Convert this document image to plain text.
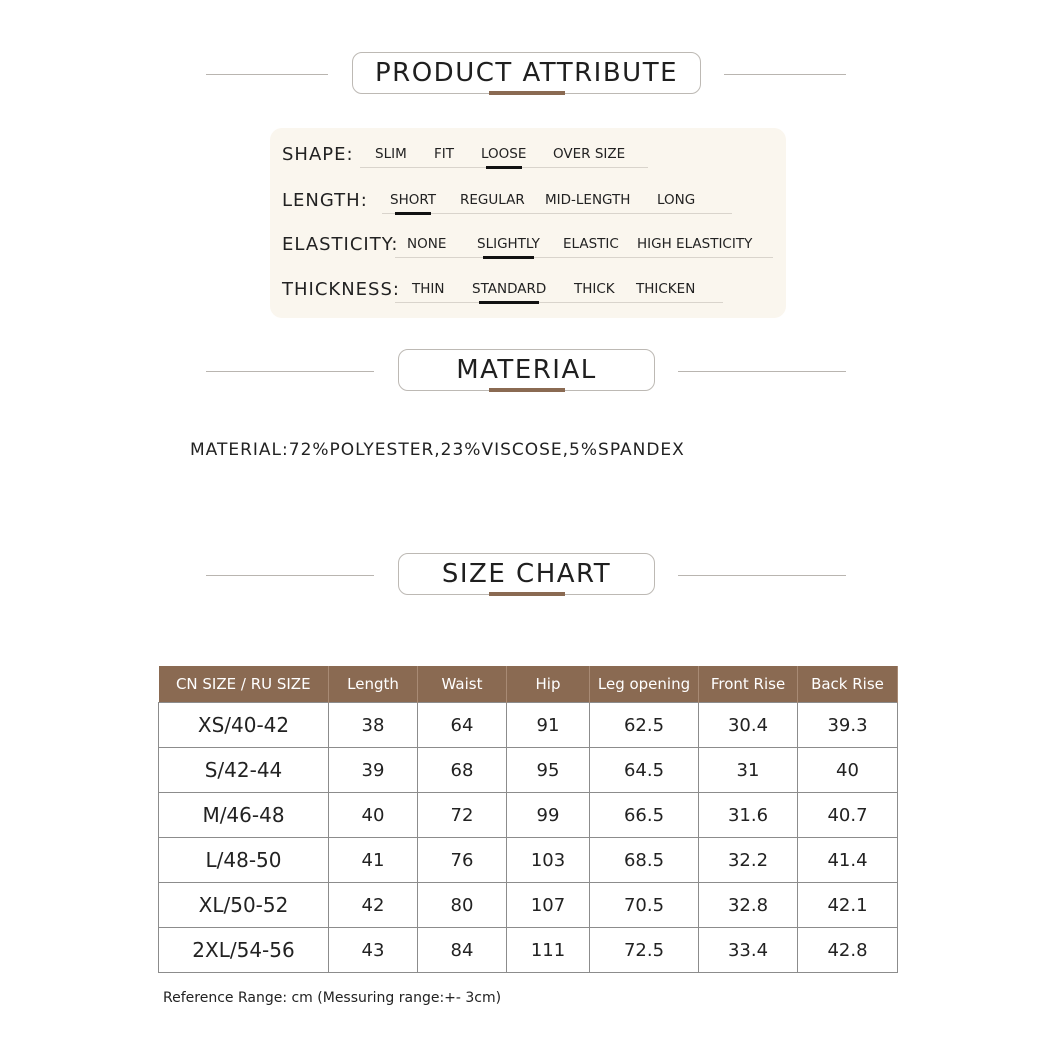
PRODUCT ATTRIBUTE
SHAPE: SLIM FIT LOOSE OVER SIZE
LENGTH: SHORT REGULAR MID-LENGTH LONG
ELASTICITY: NONE SLIGHTLY ELASTIC HIGH ELASTICITY
THICKNESS: THIN STANDARD THICK THICKEN
MATERIAL
MATERIAL:72%POLYESTER,23%VISCOSE,5%SPANDEX
SIZE CHART
CN SIZE / RU SIZE	Length	Waist	Hip	Leg opening	Front Rise	Back Rise
XS/40-42	38	64	91	62.5	30.4	39.3
S/42-44	39	68	95	64.5	31	40
M/46-48	40	72	99	66.5	31.6	40.7
L/48-50	41	76	103	68.5	32.2	41.4
XL/50-52	42	80	107	70.5	32.8	42.1
2XL/54-56	43	84	111	72.5	33.4	42.8
Reference Range: cm (Messuring range:+- 3cm)
